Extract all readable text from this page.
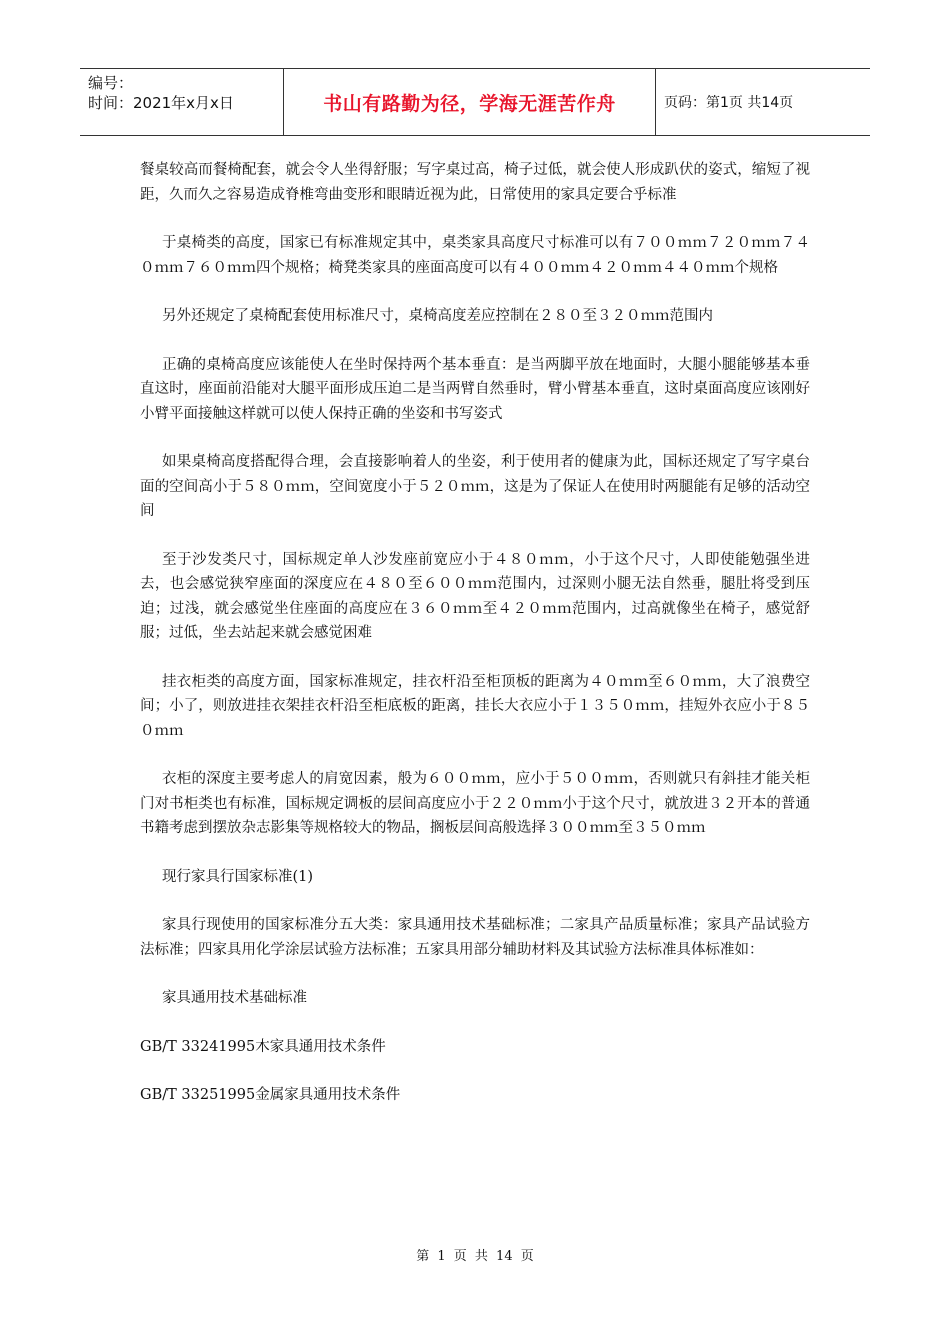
编号：
时间：2021年x月x日	书山有路勤为径，学海无涯苦作舟	页码：第1页 共14页

餐桌较高而餐椅配套，就会令人坐得舒服；写字桌过高，椅子过低，就会使人形成趴伏的姿式，缩短了视距，久而久之容易造成脊椎弯曲变形和眼睛近视为此，日常使用的家具定要合乎标准

于桌椅类的高度，国家已有标准规定其中，桌类家具高度尺寸标准可以有７００ｍｍ７２０ｍｍ７４０ｍｍ７６０ｍｍ四个规格；椅凳类家具的座面高度可以有４００ｍｍ４２０ｍｍ４４０ｍｍ个规格

另外还规定了桌椅配套使用标准尺寸，桌椅高度差应控制在２８０至３２０ｍｍ范围内

正确的桌椅高度应该能使人在坐时保持两个基本垂直：是当两脚平放在地面时，大腿小腿能够基本垂直这时，座面前沿能对大腿平面形成压迫二是当两臂自然垂时，臂小臂基本垂直，这时桌面高度应该刚好小臂平面接触这样就可以使人保持正确的坐姿和书写姿式

如果桌椅高度搭配得合理，会直接影响着人的坐姿，利于使用者的健康为此，国标还规定了写字桌台面的空间高小于５８０ｍｍ，空间宽度小于５２０ｍｍ，这是为了保证人在使用时两腿能有足够的活动空间

至于沙发类尺寸，国标规定单人沙发座前宽应小于４８０ｍｍ，小于这个尺寸，人即使能勉强坐进去，也会感觉狭窄座面的深度应在４８０至６００ｍｍ范围内，过深则小腿无法自然垂，腿肚将受到压迫；过浅，就会感觉坐住座面的高度应在３６０ｍｍ至４２０ｍｍ范围内，过高就像坐在椅子，感觉舒服；过低，坐去站起来就会感觉困难

挂衣柜类的高度方面，国家标准规定，挂衣杆沿至柜顶板的距离为４０ｍｍ至６０ｍｍ，大了浪费空间；小了，则放进挂衣架挂衣杆沿至柜底板的距离，挂长大衣应小于１３５０ｍｍ，挂短外衣应小于８５０ｍｍ

衣柜的深度主要考虑人的肩宽因素，般为６００ｍｍ，应小于５００ｍｍ，否则就只有斜挂才能关柜门对书柜类也有标准，国标规定调板的层间高度应小于２２０ｍｍ小于这个尺寸，就放进３２开本的普通书籍考虑到摆放杂志影集等规格较大的物品，搁板层间高般选择３００ｍｍ至３５０ｍｍ

现行家具行国家标准(1)

家具行现使用的国家标准分五大类：家具通用技术基础标准；二家具产品质量标准；家具产品试验方法标准；四家具用化学涂层试验方法标准；五家具用部分辅助材料及其试验方法标准具体标准如：

家具通用技术基础标准

GB/T 33241995木家具通用技术条件

GB/T 33251995金属家具通用技术条件

第 1 页 共 14 页
